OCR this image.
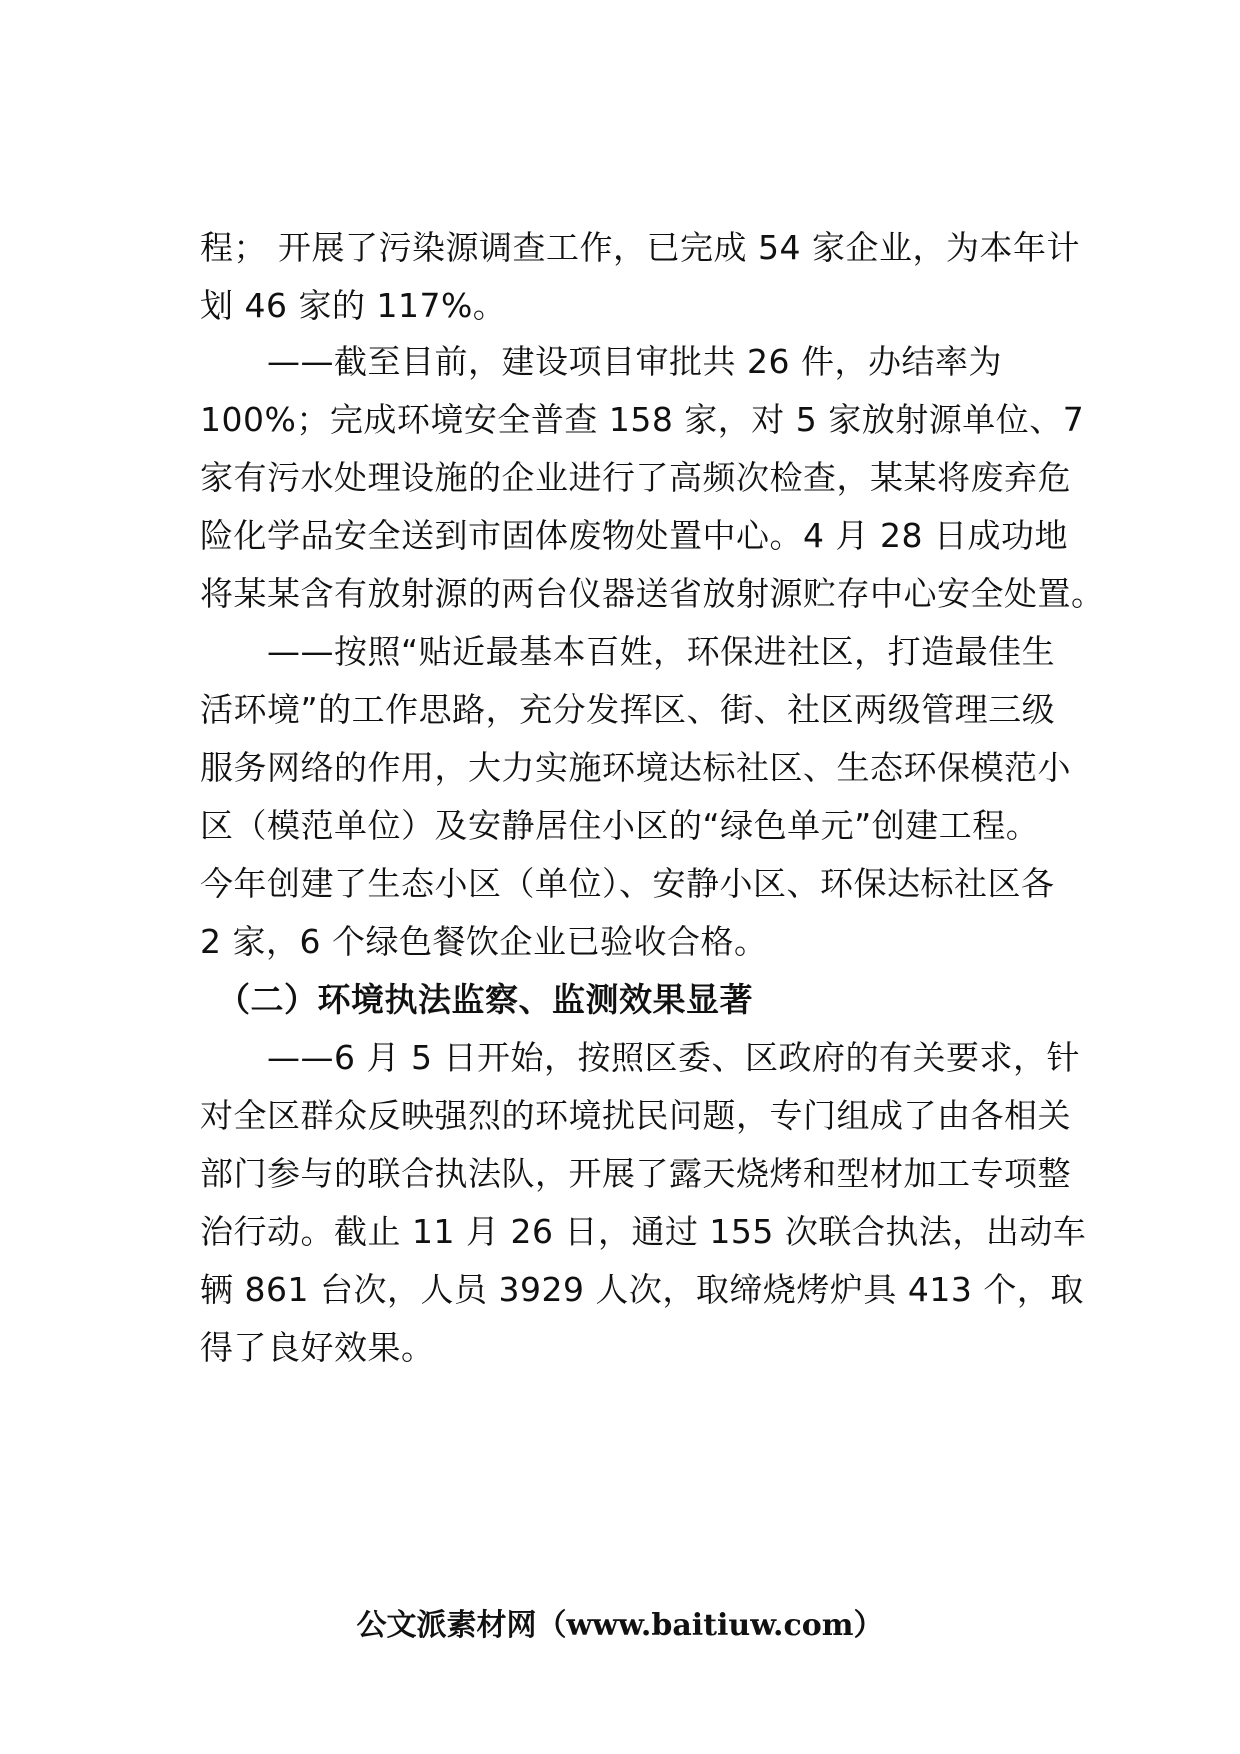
程； 开展了污染源调查工作，已完成 54 家企业，为本年计
划 46 家的 117%。
　　——截至目前，建设项目审批共 26 件，办结率为
100%；完成环境安全普查 158 家，对 5 家放射源单位、7
家有污水处理设施的企业进行了高频次检查，某某将废弃危
险化学品安全送到市固体废物处置中心。4 月 28 日成功地
将某某含有放射源的两台仪器送省放射源贮存中心安全处置。
　　——按照“贴近最基本百姓，环保进社区，打造最佳生
活环境”的工作思路，充分发挥区、街、社区两级管理三级
服务网络的作用，大力实施环境达标社区、生态环保模范小
区（模范单位）及安静居住小区的“绿色单元”创建工程。
今年创建了生态小区（单位）、安静小区、环保达标社区各
2 家，6 个绿色餐饮企业已验收合格。
　（二）环境执法监察、监测效果显著
　　——6 月 5 日开始，按照区委、区政府的有关要求，针
对全区群众反映强烈的环境扰民问题，专门组成了由各相关
部门参与的联合执法队，开展了露天烧烤和型材加工专项整
治行动。截止 11 月 26 日，通过 155 次联合执法，出动车
辆 861 台次，人员 3929 人次，取缔烧烤炉具 413 个，取
得了良好效果。
公文派素材网（www.baitiuw.com）
